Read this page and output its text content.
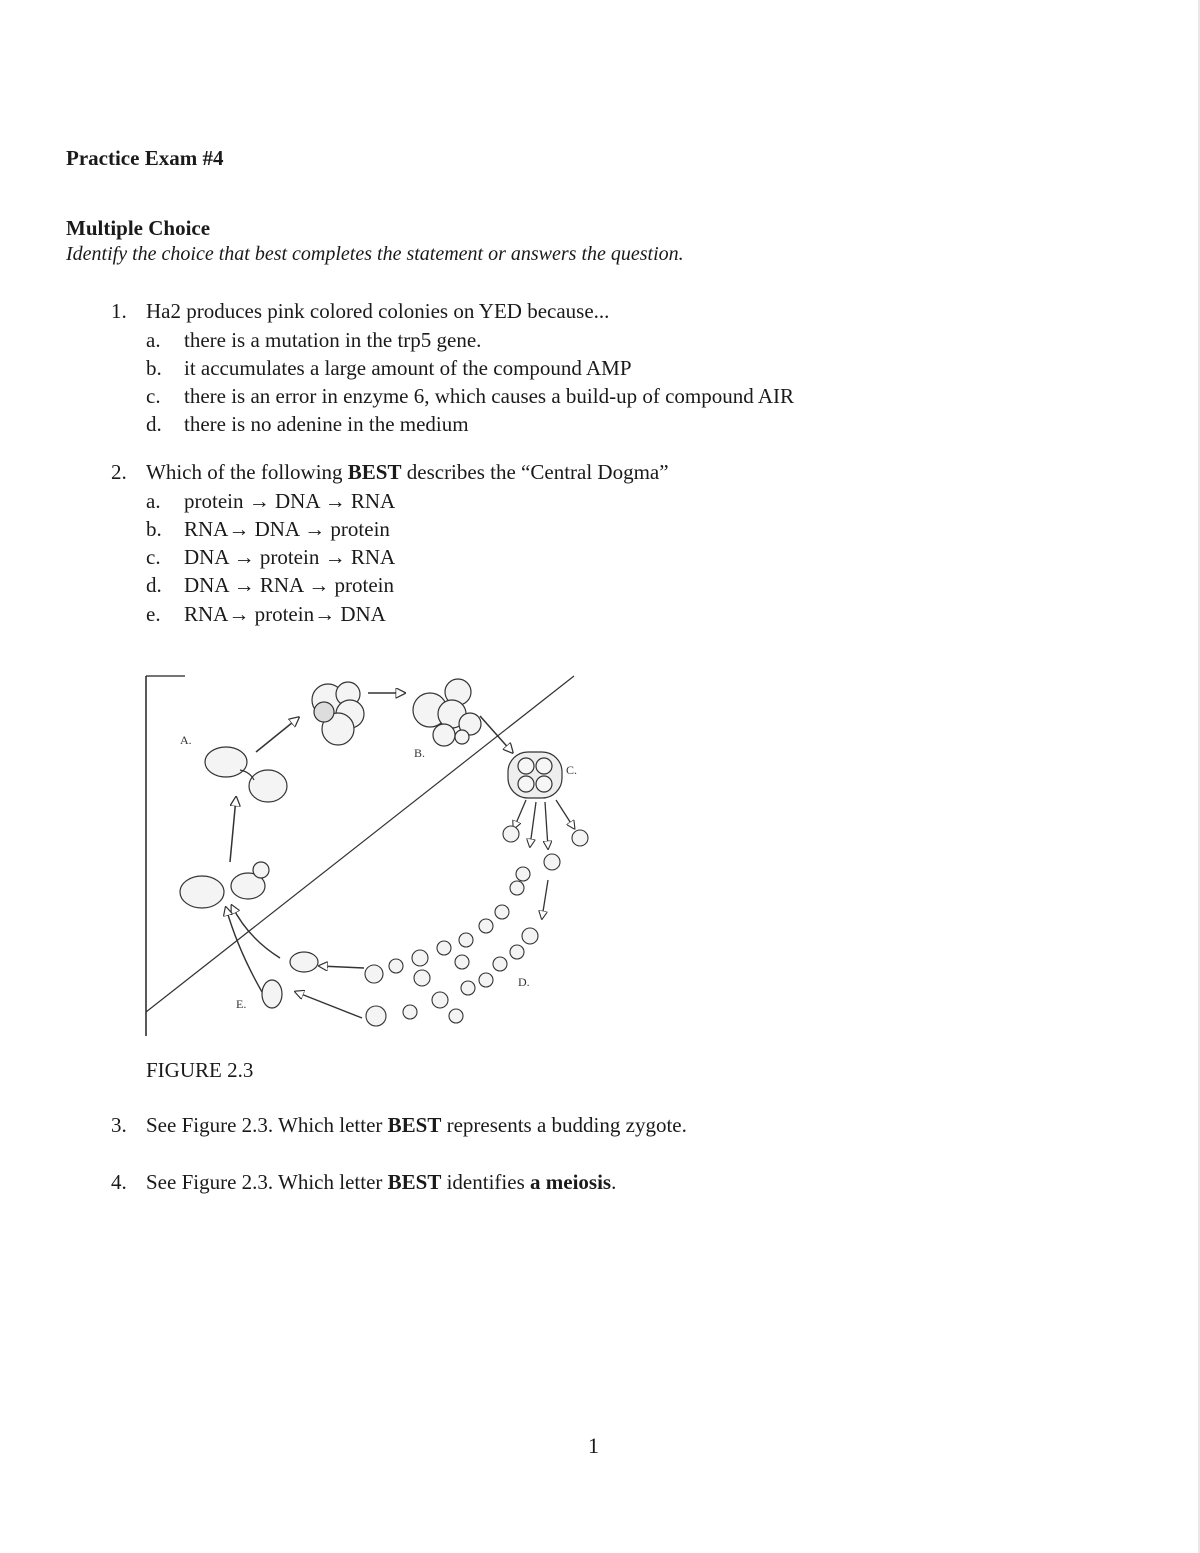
Practice Exam #4
Multiple Choice
Identify the choice that best completes the statement or answers the question.
1. Ha2 produces pink colored colonies on YED because...
a. there is a mutation in the trp5 gene.
b. it accumulates a large amount of the compound AMP
c. there is an error in enzyme 6, which causes a build-up of compound AIR
d. there is no adenine in the medium
2. Which of the following BEST describes the “Central Dogma”
a. protein → DNA → RNA
b. RNA→ DNA → protein
c. DNA → protein → RNA
d. DNA → RNA → protein
e. RNA→ protein→ DNA
A.
B.
C.
D.
E.
FIGURE 2.3
3. See Figure 2.3. Which letter BEST represents a budding zygote.
4. See Figure 2.3. Which letter BEST identifies a meiosis.
1
